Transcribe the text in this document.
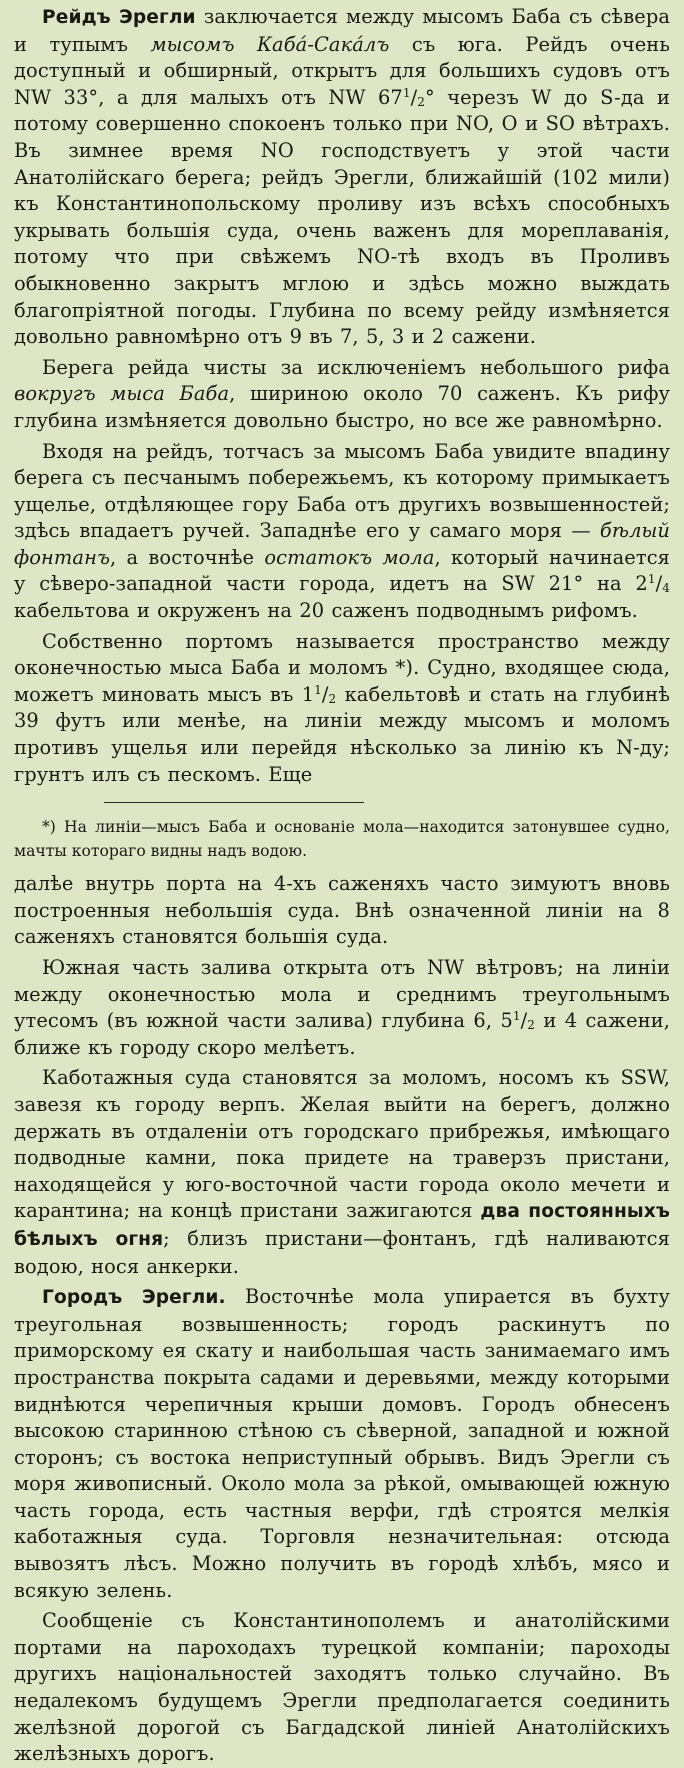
Рейдъ Эрегли заключается между мысомъ Баба съ сѣвера и тупымъ мысомъ Каба́-Сака́лъ съ юга. Рейдъ очень доступный и обширный, открытъ для большихъ судовъ отъ NW 33°, а для малыхъ отъ NW $67^1/_2^\circ$ черезъ W до S-да и потому совершенно спокоенъ только при NO, O и SO вѣтрахъ. Въ зимнее время NO господствуетъ у этой части Анатолійскаго берега; рейдъ Эрегли, ближайшій (102 мили) къ Константинопольскому проливу изъ всѣхъ способныхъ укрывать большія суда, очень важенъ для мореплаванія, потому что при свѣжемъ NO-тѣ входъ въ Проливъ обыкновенно закрытъ мглою и здѣсь можно выждать благопріятной погоды. Глубина по всему рейду измѣняется довольно равномѣрно отъ 9 въ 7, 5, 3 и 2 сажени.

Берега рейда чисты за исключеніемъ небольшого рифа вокругъ мыса Баба, шириною около 70 саженъ. Къ рифу глубина измѣняется довольно быстро, но все же равномѣрно.

Входя на рейдъ, тотчасъ за мысомъ Баба увидите впадину берега съ песчанымъ побережьемъ, къ которому примыкаетъ ущелье, отдѣляющее гору Баба отъ другихъ возвышенностей; здѣсь впадаетъ ручей. Западнѣе его у самаго моря — бѣлый фонтанъ, а восточнѣе остатокъ мола, который начинается у сѣверо-западной части города, идетъ на SW 21° на $2^1/_4$ кабельтова и окруженъ на 20 саженъ подводнымъ рифомъ.

Собственно портомъ называется пространство между оконечностью мыса Баба и моломъ *). Судно, входящее сюда, можетъ миновать мысъ въ $1^1/_2$ кабельтовѣ и стать на глубинѣ 39 футъ или менѣе, на линіи между мысомъ и моломъ противъ ущелья или перейдя нѣсколько за линію къ N-ду; грунтъ илъ съ пескомъ. Еще

*) На линіи—мысъ Баба и основаніе мола—находится затонувшее судно, мачты котораго видны надъ водою.

далѣе внутрь порта на 4-хъ саженяхъ часто зимуютъ вновь построенныя небольшія суда. Внѣ означенной линіи на 8 саженяхъ становятся большія суда.

Южная часть залива открыта отъ NW вѣтровъ; на линіи между оконечностью мола и среднимъ треугольнымъ утесомъ (въ южной части залива) глубина 6, $5^1/_2$ и 4 сажени, ближе къ городу скоро мелѣетъ.

Каботажныя суда становятся за моломъ, носомъ къ SSW, завезя къ городу верпъ. Желая выйти на берегъ, должно держать въ отдаленіи отъ городскаго прибрежья, имѣющаго подводные камни, пока придете на траверзъ пристани, находящейся у юго-восточной части города около мечети и карантина; на концѣ пристани зажигаются два постоянныхъ бѣлыхъ огня; близъ пристани—фонтанъ, гдѣ наливаются водою, нося анкерки.

Городъ Эрегли. Восточнѣе мола упирается въ бухту треугольная возвышенность; городъ раскинутъ по приморскому ея скату и наибольшая часть занимаемаго имъ пространства покрыта садами и деревьями, между которыми виднѣются черепичныя крыши домовъ. Городъ обнесенъ высокою старинною стѣною съ сѣверной, западной и южной сторонъ; съ востока неприступный обрывъ. Видъ Эрегли съ моря живописный. Около мола за рѣкой, омывающей южную часть города, есть частныя верфи, гдѣ строятся мелкія каботажныя суда. Торговля незначительная: отсюда вывозятъ лѣсъ. Можно получить въ городѣ хлѣбъ, мясо и всякую зелень.

Сообщеніе съ Константинополемъ и анатолійскими портами на пароходахъ турецкой компаніи; пароходы другихъ національностей заходятъ только случайно. Въ недалекомъ будущемъ Эрегли предполагается соединить желѣзной дорогой съ Багдадской линіей Анатолійскихъ желѣзныхъ дорогъ.
